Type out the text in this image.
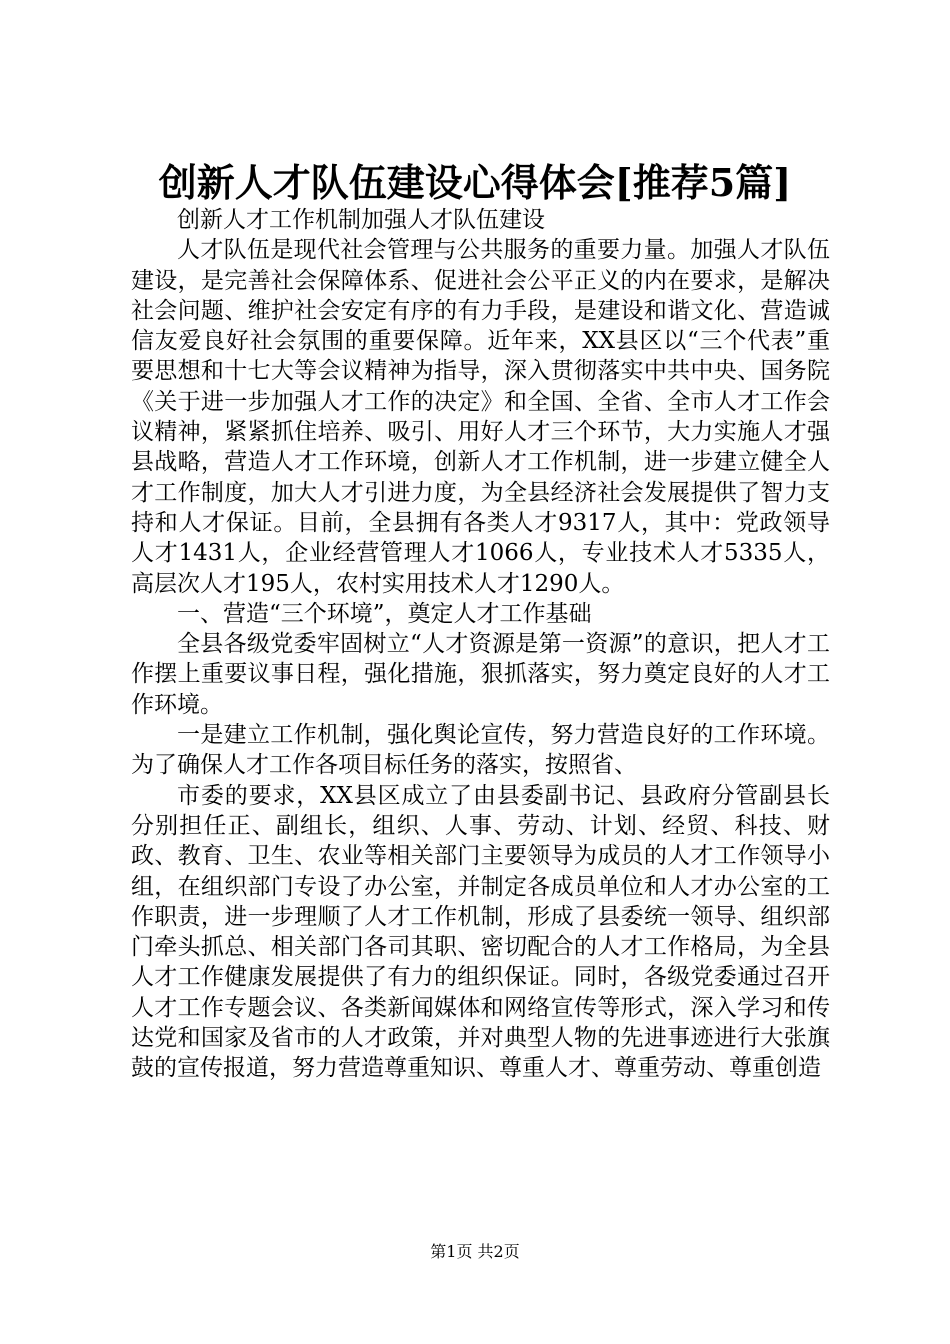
创新人才队伍建设心得体会[推荐5篇]

创新人才工作机制加强人才队伍建设

人才队伍是现代社会管理与公共服务的重要力量。加强人才队伍建设，是完善社会保障体系、促进社会公平正义的内在要求，是解决社会问题、维护社会安定有序的有力手段，是建设和谐文化、营造诚信友爱良好社会氛围的重要保障。近年来，XX县区以“三个代表”重要思想和十七大等会议精神为指导，深入贯彻落实中共中央、国务院《关于进一步加强人才工作的决定》和全国、全省、全市人才工作会议精神，紧紧抓住培养、吸引、用好人才三个环节，大力实施人才强县战略，营造人才工作环境，创新人才工作机制，进一步建立健全人才工作制度，加大人才引进力度，为全县经济社会发展提供了智力支持和人才保证。目前，全县拥有各类人才9317人，其中：党政领导人才1431人，企业经营管理人才1066人，专业技术人才5335人，高层次人才195人，农村实用技术人才1290人。

一、营造“三个环境”，奠定人才工作基础

全县各级党委牢固树立“人才资源是第一资源”的意识，把人才工作摆上重要议事日程，强化措施，狠抓落实，努力奠定良好的人才工作环境。

一是建立工作机制，强化舆论宣传，努力营造良好的工作环境。为了确保人才工作各项目标任务的落实，按照省、

市委的要求，XX县区成立了由县委副书记、县政府分管副县长分别担任正、副组长，组织、人事、劳动、计划、经贸、科技、财政、教育、卫生、农业等相关部门主要领导为成员的人才工作领导小组，在组织部门专设了办公室，并制定各成员单位和人才办公室的工作职责，进一步理顺了人才工作机制，形成了县委统一领导、组织部门牵头抓总、相关部门各司其职、密切配合的人才工作格局，为全县人才工作健康发展提供了有力的组织保证。同时，各级党委通过召开人才工作专题会议、各类新闻媒体和网络宣传等形式，深入学习和传达党和国家及省市的人才政策，并对典型人物的先进事迹进行大张旗鼓的宣传报道，努力营造尊重知识、尊重人才、尊重劳动、尊重创造

第1页 共2页
